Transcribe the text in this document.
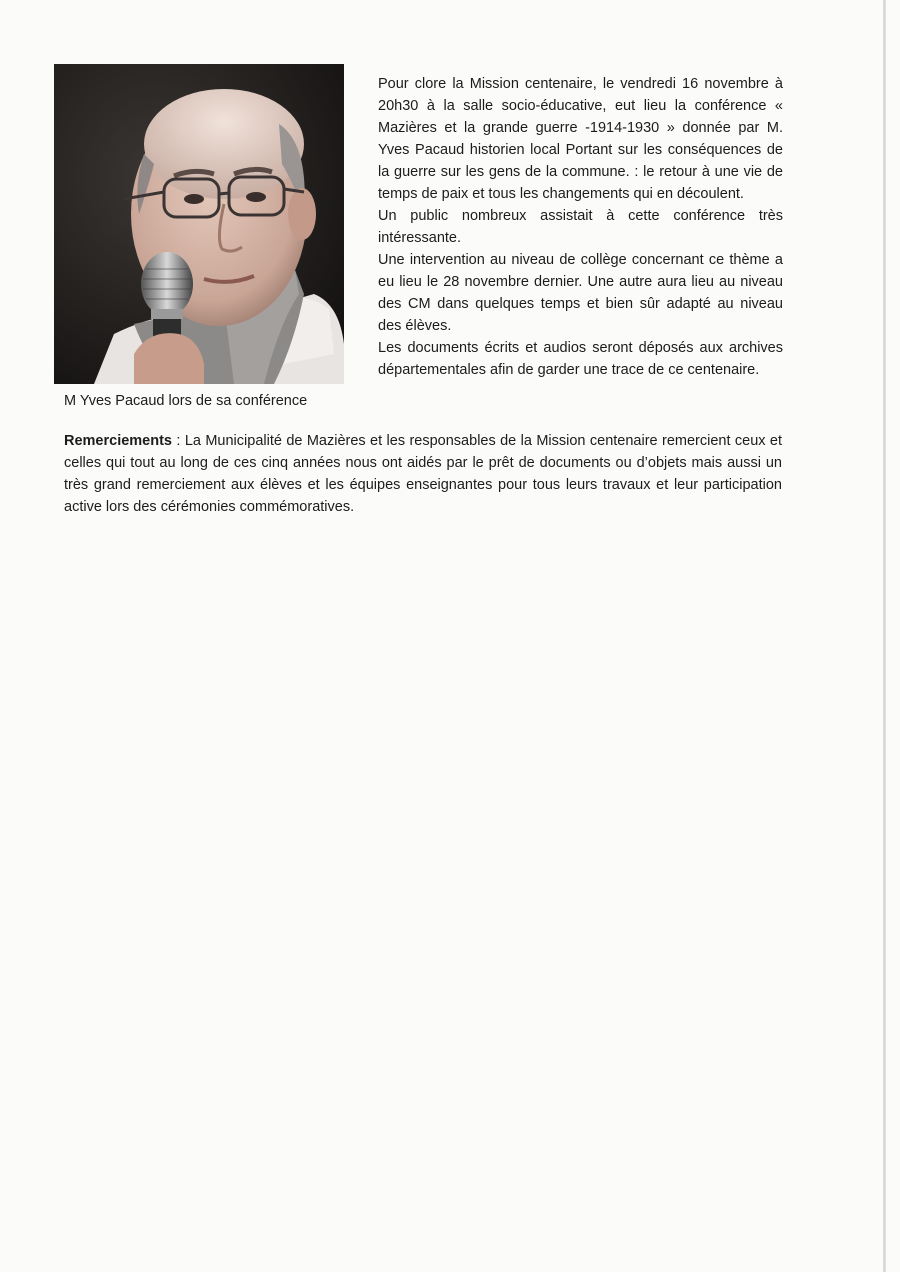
M Yves Pacaud lors de sa conférence

Pour clore la Mission centenaire, le vendredi 16 novembre à 20h30 à la salle socio-éducative, eut lieu la conférence « Mazières et la grande guerre -1914-1930 » donnée par M. Yves Pacaud historien local Portant sur les conséquences de la guerre sur les gens de la commune. : le retour à une vie de temps de paix et tous les changements qui en découlent.

Un public nombreux assistait à cette conférence très intéressante.

Une intervention au niveau de collège concernant ce thème a eu lieu le 28 novembre dernier. Une autre aura lieu au niveau des CM dans quelques temps et bien sûr adapté au niveau des élèves.

Les documents écrits et audios seront déposés aux archives départementales afin de garder une trace de ce centenaire.

Remerciements : La Municipalité de Mazières et les responsables de la Mission centenaire remercient ceux et celles qui tout au long de ces cinq années nous ont aidés par le prêt de documents ou d’objets mais aussi un très grand remerciement aux élèves et les équipes enseignantes pour tous leurs travaux et leur participation active lors des cérémonies commémoratives.
